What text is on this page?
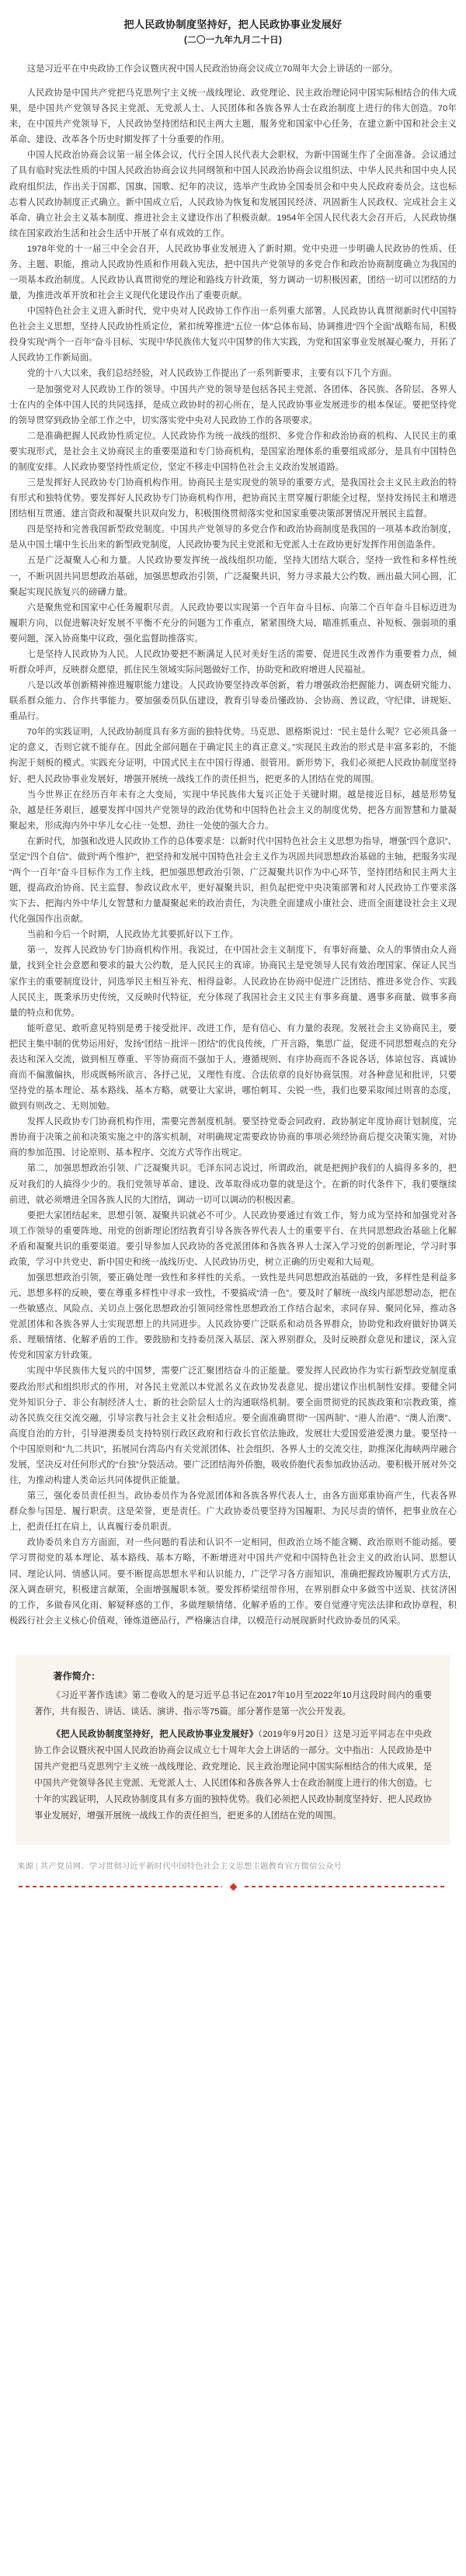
把人民政协制度坚持好，把人民政协事业发展好
(二〇一九年九月二十日)

这是习近平在中央政协工作会议暨庆祝中国人民政治协商会议成立70周年大会上讲话的一部分。

人民政协是中国共产党把马克思列宁主义统一战线理论、政党理论、民主政治理论同中国实际相结合的伟大成果，是中国共产党领导各民主党派、无党派人士、人民团体和各族各界人士在政治制度上进行的伟大创造。70年来，在中国共产党领导下，人民政协坚持团结和民主两大主题，服务党和国家中心任务，在建立新中国和社会主义革命、建设、改革各个历史时期发挥了十分重要的作用。

中国人民政治协商会议第一届全体会议，代行全国人民代表大会职权，为新中国诞生作了全面准备。会议通过了具有临时宪法性质的中国人民政治协商会议共同纲领和中国人民政治协商会议组织法、中华人民共和国中央人民政府组织法，作出关于国都、国旗、国歌、纪年的决议，选举产生政协全国委员会和中央人民政府委员会。这也标志着人民政协制度正式确立。新中国成立后，人民政协为恢复和发展国民经济、巩固新生人民政权、完成社会主义革命、确立社会主义基本制度、推进社会主义建设作出了积极贡献。1954年全国人民代表大会召开后，人民政协继续在国家政治生活和社会生活中开展了卓有成效的工作。

1978年党的十一届三中全会召开，人民政协事业发展进入了新时期。党中央进一步明确人民政协的性质、任务、主题、职能，推动人民政协性质和作用载入宪法，把中国共产党领导的多党合作和政治协商制度确立为我国的一项基本政治制度。人民政协认真贯彻党的理论和路线方针政策，努力调动一切积极因素，团结一切可以团结的力量，为推进改革开放和社会主义现代化建设作出了重要贡献。

中国特色社会主义进入新时代，党中央对人民政协工作作出一系列重大部署。人民政协认真贯彻新时代中国特色社会主义思想，坚持人民政协性质定位，紧扣统筹推进“五位一体”总体布局、协调推进“四个全面”战略布局，积极投身实现“两个一百年”奋斗目标、实现中华民族伟大复兴中国梦的伟大实践，为党和国家事业发展凝心聚力，开拓了人民政协工作新局面。

党的十八大以来，我们总结经验，对人民政协工作提出了一系列新要求，主要有以下几个方面。

一是加强党对人民政协工作的领导。中国共产党的领导是包括各民主党派、各团体、各民族、各阶层、各界人士在内的全体中国人民的共同选择，是成立政协时的初心所在，是人民政协事业发展进步的根本保证。要把坚持党的领导贯穿到政协全部工作之中，切实落实党中央对人民政协工作的各项要求。

二是准确把握人民政协性质定位。人民政协作为统一战线的组织、多党合作和政治协商的机构、人民民主的重要实现形式，是社会主义协商民主的重要渠道和专门协商机构，是国家治理体系的重要组成部分，是具有中国特色的制度安排。人民政协要坚持性质定位，坚定不移走中国特色社会主义政治发展道路。

三是发挥好人民政协专门协商机构作用。协商民主是实现党的领导的重要方式，是我国社会主义民主政治的特有形式和独特优势。要发挥好人民政协专门协商机构作用，把协商民主贯穿履行职能全过程，坚持发扬民主和增进团结相互贯通、建言资政和凝聚共识双向发力，积极围绕贯彻落实党和国家重要决策部署情况开展民主监督。

四是坚持和完善我国新型政党制度。中国共产党领导的多党合作和政治协商制度是我国的一项基本政治制度，是从中国土壤中生长出来的新型政党制度，人民政协要为民主党派和无党派人士在政协更好发挥作用创造条件。

五是广泛凝聚人心和力量。人民政协要发挥统一战线组织功能，坚持大团结大联合，坚持一致性和多样性统一，不断巩固共同思想政治基础，加强思想政治引领，广泛凝聚共识，努力寻求最大公约数、画出最大同心圆，汇聚起实现民族复兴的磅礴力量。

六是聚焦党和国家中心任务履职尽责。人民政协要以实现第一个百年奋斗目标、向第二个百年奋斗目标迈进为履职方向，以促进解决好发展不平衡不充分的问题为工作重点，紧紧围绕大局，瞄准抓重点、补短板、强弱项的重要问题，深入协商集中议政，强化监督助推落实。

七是坚持人民政协为人民。人民政协要把不断满足人民对美好生活的需要、促进民生改善作为重要着力点，倾听群众呼声，反映群众愿望，抓住民生领域实际问题做好工作，协助党和政府增进人民福祉。

八是以改革创新精神推进履职能力建设。人民政协要坚持改革创新，着力增强政治把握能力、调查研究能力、联系群众能力、合作共事能力。要加强委员队伍建设，教育引导委员懂政协、会协商、善议政，守纪律、讲规矩、重品行。

70年的实践证明，人民政协制度具有多方面的独特优势。马克思、恩格斯说过：“民主是什么呢？它必须具备一定的意义，否则它就不能存在。因此全部问题在于确定民主的真正意义。”实现民主政治的形式是丰富多彩的，不能拘泥于刻板的模式。实践充分证明，中国式民主在中国行得通、很管用。新形势下，我们必须把人民政协制度坚持好、把人民政协事业发展好，增强开展统一战线工作的责任担当，把更多的人团结在党的周围。

当今世界正在经历百年未有之大变局，实现中华民族伟大复兴正处于关键时期。越是接近目标，越是形势复杂，越是任务艰巨，越要发挥中国共产党领导的政治优势和中国特色社会主义的制度优势，把各方面智慧和力量凝聚起来，形成海内外中华儿女心往一处想、劲往一处使的强大合力。

在新时代，加强和改进人民政协工作的总体要求是：以新时代中国特色社会主义思想为指导，增强“四个意识”、坚定“四个自信”、做到“两个维护”，把坚持和发展中国特色社会主义作为巩固共同思想政治基础的主轴，把服务实现“两个一百年”奋斗目标作为工作主线，把加强思想政治引领、广泛凝聚共识作为中心环节，坚持团结和民主两大主题，提高政治协商、民主监督、参政议政水平，更好凝聚共识，担负起把党中央决策部署和对人民政协工作要求落实下去、把海内外中华儿女智慧和力量凝聚起来的政治责任，为决胜全面建成小康社会、进而全面建设社会主义现代化强国作出贡献。

当前和今后一个时期，人民政协尤其要抓好以下工作。

第一，发挥人民政协专门协商机构作用。我说过，在中国社会主义制度下，有事好商量、众人的事情由众人商量，找到全社会意愿和要求的最大公约数，是人民民主的真谛。协商民主是党领导人民有效治理国家、保证人民当家作主的重要制度设计，同选举民主相互补充、相得益彰。人民政协在协商中促进广泛团结、推进多党合作、实践人民民主，既秉承历史传统，又反映时代特征，充分体现了我国社会主义民主有事多商量、遇事多商量、做事多商量的特点和优势。

能听意见、敢听意见特别是勇于接受批评、改进工作，是有信心、有力量的表现。发展社会主义协商民主，要把民主集中制的优势运用好，发扬“团结－批评－团结”的优良传统，广开言路，集思广益，促进不同思想观点的充分表达和深入交流，做到相互尊重、平等协商而不强加于人，遵循规则、有序协商而不各说各话，体谅包容、真诚协商而不偏激偏执，形成既畅所欲言、各抒己见，又理性有度、合法依章的良好协商氛围。对各种意见和批评，只要坚持党的基本理论、基本路线、基本方略，就要让大家讲，哪怕刺耳、尖锐一些，我们也要采取闻过则喜的态度，做到有则改之、无则加勉。

发挥人民政协专门协商机构作用，需要完善制度机制。要坚持党委会同政府、政协制定年度协商计划制度，完善协商于决策之前和决策实施之中的落实机制，对明确规定需要政协协商的事项必须经协商后提交决策实施，对协商的参加范围、讨论原则、基本程序、交流方式等作出规定。

第二，加强思想政治引领、广泛凝聚共识。毛泽东同志说过，所谓政治，就是把拥护我们的人搞得多多的，把反对我们的人搞得少少的。我们党领导革命、建设、改革取得成功靠的就是这个。在新的时代条件下，我们要继续前进，就必须增进全国各族人民的大团结，调动一切可以调动的积极因素。

要把大家团结起来，思想引领、凝聚共识就必不可少。人民政协要通过有效工作，努力成为坚持和加强党对各项工作领导的重要阵地、用党的创新理论团结教育引导各族各界代表人士的重要平台、在共同思想政治基础上化解矛盾和凝聚共识的重要渠道。要引导参加人民政协的各党派团体和各族各界人士深入学习党的创新理论，学习时事政策，学习中共党史、新中国史和统一战线历史、人民政协历史，树立正确的历史观和大局观。

加强思想政治引领，要正确处理一致性和多样性的关系。一致性是共同思想政治基础的一致，多样性是利益多元、思想多样的反映，要在尊重多样性中寻求一致性，不要搞成“清一色”。要及时了解统一战线内部思想动态，把在一些敏感点、风险点、关切点上强化思想政治引领同经常性思想政治工作结合起来，求同存异、聚同化异，推动各党派团体和各族各界人士实现思想上的共同进步。人民政协要广泛联系和动员各界群众，协助党和政府做好协调关系、理顺情绪、化解矛盾的工作。要鼓励和支持委员深入基层、深入界别群众，及时反映群众意见和建议，深入宣传党和国家方针政策。

实现中华民族伟大复兴的中国梦，需要广泛汇聚团结奋斗的正能量。要发挥人民政协作为实行新型政党制度重要政治形式和组织形式的作用，对各民主党派以本党派名义在政协发表意见、提出建议作出机制性安排。要健全同党外知识分子、非公有制经济人士、新的社会阶层人士的沟通联络机制。要全面贯彻党的民族政策和宗教政策，推动各民族交往交流交融，引导宗教与社会主义社会相适应。要全面准确贯彻“一国两制”、“港人治港”、“澳人治澳”、高度自治的方针，引导港澳委员支持特别行政区政府和行政长官依法施政，发展壮大爱国爱港爱澳力量。要坚持一个中国原则和“九二共识”，拓展同台湾岛内有关党派团体、社会组织、各界人士的交流交往，助推深化海峡两岸融合发展，坚决反对任何形式的“台独”分裂活动。要广泛团结海外侨胞，吸收侨胞代表参加政协活动。要积极开展对外交往，为推动构建人类命运共同体提供正能量。

第三，强化委员责任担当。政协委员作为各党派团体和各族各界代表人士，由各方面郑重协商产生，代表各界群众参与国是、履行职责。这是荣誉，更是责任。广大政协委员要坚持为国履职、为民尽责的情怀，把事业放在心上，把责任扛在肩上，认真履行委员职责。

政协委员来自方方面面，对一些问题的看法和认识不一定相同，但政治立场不能含糊、政治原则不能动摇。要学习贯彻党的基本理论、基本路线、基本方略，不断增进对中国共产党和中国特色社会主义的政治认同、思想认同、理论认同、情感认同。要不断提高思想水平和认识能力，广泛学习各方面知识，准确把握政协履职方式方法，深入调查研究，积极建言献策，全面增强履职本领。要发挥桥梁纽带作用，在界别群众中多做雪中送炭、扶贫济困的工作，多做春风化雨、解疑释惑的工作，多做理顺情绪、化解矛盾的工作。要自觉遵守宪法法律和政协章程，积极践行社会主义核心价值观，锤炼道德品行，严格廉洁自律，以模范行动展现新时代政协委员的风采。

著作简介：

《习近平著作选读》第二卷收入的是习近平总书记在2017年10月至2022年10月这段时间内的重要著作，共有报告、讲话、谈话、演讲、指示等75篇。部分著作是第一次公开发表。

《把人民政协制度坚持好，把人民政协事业发展好》（2019年9月20日）这是习近平同志在中央政协工作会议暨庆祝中国人民政治协商会议成立七十周年大会上讲话的一部分。文中指出：人民政协是中国共产党把马克思列宁主义统一战线理论、政党理论、民主政治理论同中国实际相结合的伟大成果，是中国共产党领导各民主党派、无党派人士、人民团体和各族各界人士在政治制度上进行的伟大创造。七十年的实践证明，人民政协制度具有多方面的独特优势。我们必须把人民政协制度坚持好、把人民政协事业发展好，增强开展统一战线工作的责任担当，把更多的人团结在党的周围。

来源 | 共产党员网、学习贯彻习近平新时代中国特色社会主义思想主题教育官方微信公众号
